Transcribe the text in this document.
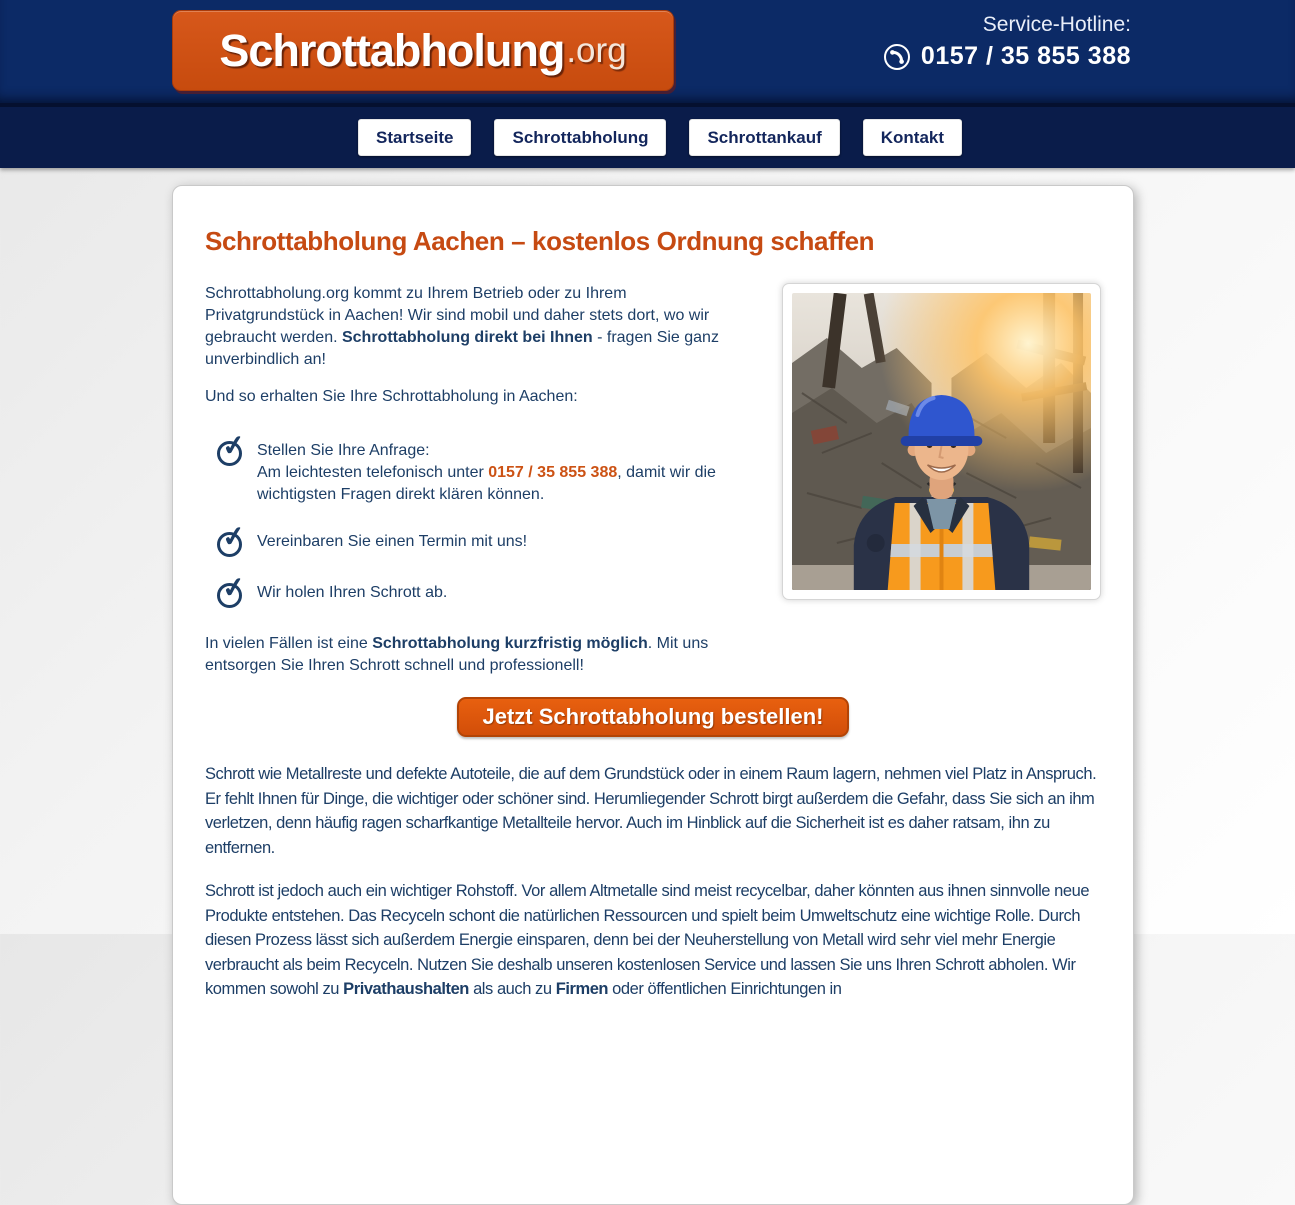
Schrottabholung .org
Service-Hotline:
0157 / 35 855 388
Startseite	Schrottabholung	Schrottankauf	Kontakt
Schrottabholung Aachen – kostenlos Ordnung schaffen

Schrottabholung.org kommt zu Ihrem Betrieb oder zu Ihrem Privatgrundstück in Aachen! Wir sind mobil und daher stets dort, wo wir gebraucht werden. Schrottabholung direkt bei Ihnen - fragen Sie ganz unverbindlich an!

Und so erhalten Sie Ihre Schrottabholung in Aachen:

✓ Stellen Sie Ihre Anfrage:
Am leichtesten telefonisch unter 0157 / 35 855 388, damit wir die wichtigsten Fragen direkt klären können.
✓ Vereinbaren Sie einen Termin mit uns!
✓ Wir holen Ihren Schrott ab.

In vielen Fällen ist eine Schrottabholung kurzfristig möglich. Mit uns entsorgen Sie Ihren Schrott schnell und professionell!

Jetzt Schrottabholung bestellen!

Schrott wie Metallreste und defekte Autoteile, die auf dem Grundstück oder in einem Raum lagern, nehmen viel Platz in Anspruch. Er fehlt Ihnen für Dinge, die wichtiger oder schöner sind. Herumliegender Schrott birgt außerdem die Gefahr, dass Sie sich an ihm verletzen, denn häufig ragen scharfkantige Metallteile hervor. Auch im Hinblick auf die Sicherheit ist es daher ratsam, ihn zu entfernen.

Schrott ist jedoch auch ein wichtiger Rohstoff. Vor allem Altmetalle sind meist recycelbar, daher könnten aus ihnen sinnvolle neue Produkte entstehen. Das Recyceln schont die natürlichen Ressourcen und spielt beim Umweltschutz eine wichtige Rolle. Durch diesen Prozess lässt sich außerdem Energie einsparen, denn bei der Neuherstellung von Metall wird sehr viel mehr Energie verbraucht als beim Recyceln. Nutzen Sie deshalb unseren kostenlosen Service und lassen Sie uns Ihren Schrott abholen. Wir kommen sowohl zu Privathaushalten als auch zu Firmen oder öffentlichen Einrichtungen in
